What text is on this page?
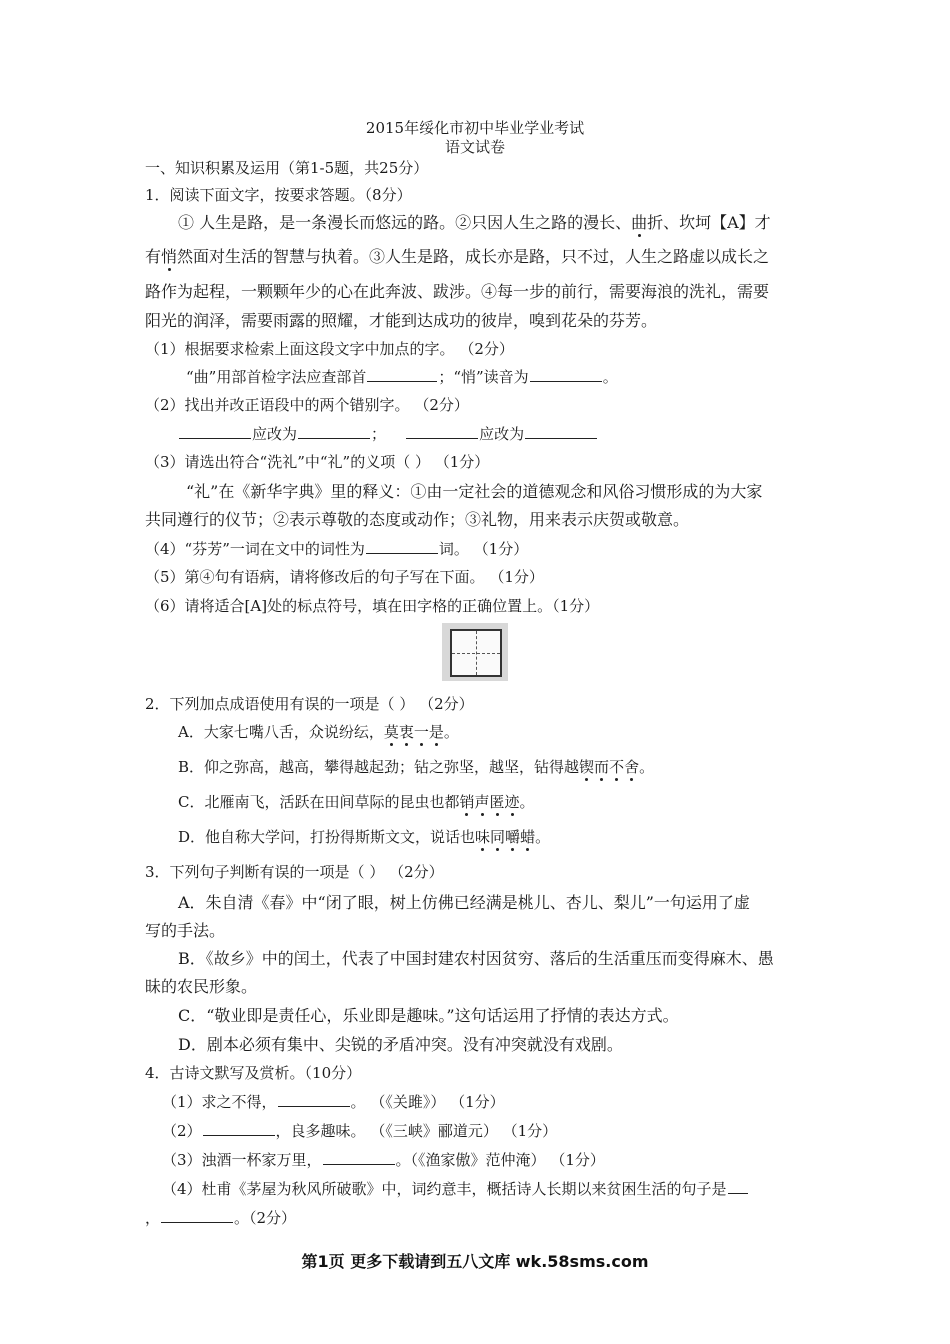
2015年绥化市初中毕业学业考试
语文试卷
一、知识积累及运用（第1-5题，共25分）
1．阅读下面文字，按要求答题。（8分）
① 人生是路，是一条漫长而悠远的路。②只因人生之路的漫长、曲折、坎坷【A】才
有悄然面对生活的智慧与执着。③人生是路，成长亦是路，只不过，人生之路虚以成长之
路作为起程，一颗颗年少的心在此奔波、跋涉。④每一步的前行，需要海浪的洗礼，需要
阳光的润泽，需要雨露的照耀，才能到达成功的彼岸，嗅到花朵的芬芳。
（1）根据要求检索上面这段文字中加点的字。 （2分）
“曲”用部首检字法应查部首	；“悄”读音为	。
（2）找出并改正语段中的两个错别字。 （2分）
应改为	；	应改为
（3）请选出符合“洗礼”中“礼”的义项（ ） （1分）
“礼”在《新华字典》里的释义：①由一定社会的道德观念和风俗习惯形成的为大家
共同遵行的仪节；②表示尊敬的态度或动作；③礼物，用来表示庆贺或敬意。
（4）“芬芳”一词在文中的词性为	词。 （1分）
（5）第④句有语病，请将修改后的句子写在下面。 （1分）
（6）请将适合[A]处的标点符号，填在田字格的正确位置上。（1分）
2．下列加点成语使用有误的一项是（ ） （2分）
A．大家七嘴八舌，众说纷纭，莫衷一是。
B．仰之弥高，越高，攀得越起劲；钻之弥坚，越坚，钻得越锲而不舍。
C．北雁南飞，活跃在田间草际的昆虫也都销声匿迹。
D．他自称大学问，打扮得斯斯文文，说话也味同嚼蜡。
3．下列句子判断有误的一项是（ ） （2分）
A．朱自清《春》中“闭了眼，树上仿佛已经满是桃儿、杏儿、梨儿”一句运用了虚
写的手法。
B．《故乡》中的闰土，代表了中国封建农村因贫穷、落后的生活重压而变得麻木、愚
昧的农民形象。
C．“敬业即是责任心，乐业即是趣味。”这句话运用了抒情的表达方式。
D．剧本必须有集中、尖锐的矛盾冲突。没有冲突就没有戏剧。
4．古诗文默写及赏析。（10分）
（1）求之不得，	。 （《关雎》） （1分）
（2）	，良多趣味。 （《三峡》郦道元） （1分）
（3）浊酒一杯家万里，	。（《渔家傲》范仲淹） （1分）
（4）杜甫《茅屋为秋风所破歌》中，词约意丰，概括诗人长期以来贫困生活的句子是
，	。（2分）
第1页 更多下载请到五八文库 wk.58sms.com
